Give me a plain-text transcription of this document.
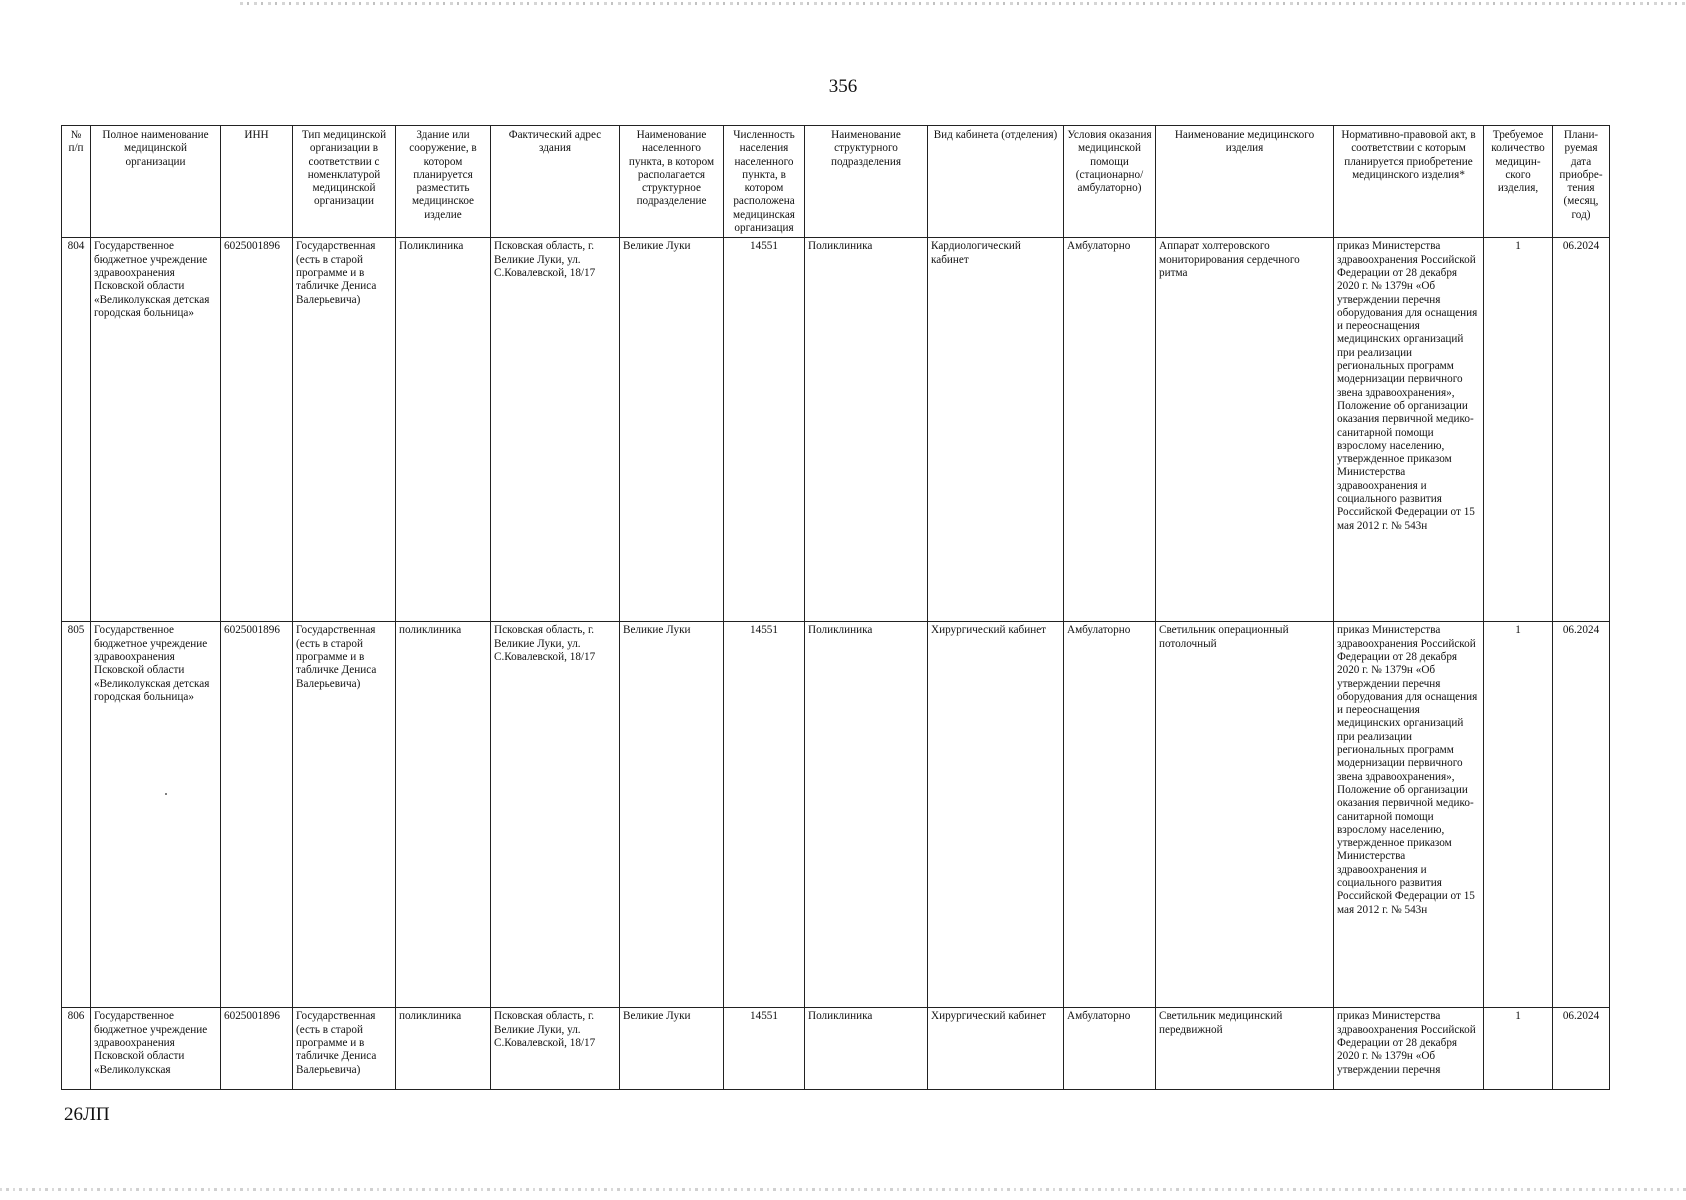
356
№ п/п	Полное наименование медицинской организации	ИНН	Тип медицинской организации в соответствии с номенклатурой медицинской организации	Здание или сооружение, в котором планируется разместить медицинское изделие	Фактический адрес здания	Наименование населенного пункта, в котором располагается структурное подразделение	Численность населения населенного пункта, в котором расположена медицинская организация	Наименование структурного подразделения	Вид кабинета (отделения)	Условия оказания медицинской помощи (стационарно/ амбулаторно)	Наименование медицинского изделия	Нормативно-правовой акт, в соответствии с которым планируется приобретение медицинского изделия*	Требуемое количество медицин-ского изделия,	Плани-руемая дата приобре-тения (месяц, год)
804	Государственное бюджетное учреждение здравоохранения Псковской области «Великолукская детская городская больница»	6025001896	Государственная (есть в старой программе и в табличке Дениса Валерьевича)	Поликлиника	Псковская область, г. Великие Луки, ул. С.Ковалевской, 18/17	Великие Луки	14551	Поликлиника	Кардиологический кабинет	Амбулаторно	Аппарат холтеровского мониторирования сердечного ритма	приказ Министерства здравоохранения Российской Федерации от 28 декабря 2020 г. № 1379н «Об утверждении перечня оборудования для оснащения и переоснащения медицинских организаций при реализации региональных программ модернизации первичного звена здравоохранения», Положение об организации оказания первичной медико-санитарной помощи взрослому населению, утвержденное приказом Министерства здравоохранения и социального развития Российской Федерации от 15 мая 2012 г. № 543н	1	06.2024
805	Государственное бюджетное учреждение здравоохранения Псковской области «Великолукская детская городская больница»	6025001896	Государственная (есть в старой программе и в табличке Дениса Валерьевича)	поликлиника	Псковская область, г. Великие Луки, ул. С.Ковалевской, 18/17	Великие Луки	14551	Поликлиника	Хирургический кабинет	Амбулаторно	Светильник операционный потолочный	приказ Министерства здравоохранения Российской Федерации от 28 декабря 2020 г. № 1379н «Об утверждении перечня оборудования для оснащения и переоснащения медицинских организаций при реализации региональных программ модернизации первичного звена здравоохранения», Положение об организации оказания первичной медико-санитарной помощи взрослому населению, утвержденное приказом Министерства здравоохранения и социального развития Российской Федерации от 15 мая 2012 г. № 543н	1	06.2024
806	Государственное бюджетное учреждение здравоохранения Псковской области «Великолукская	6025001896	Государственная (есть в старой программе и в табличке Дениса Валерьевича)	поликлиника	Псковская область, г. Великие Луки, ул. С.Ковалевской, 18/17	Великие Луки	14551	Поликлиника	Хирургический кабинет	Амбулаторно	Светильник медицинский передвижной	приказ Министерства здравоохранения Российской Федерации от 28 декабря 2020 г. № 1379н «Об утверждении перечня	1	06.2024
26ЛП
